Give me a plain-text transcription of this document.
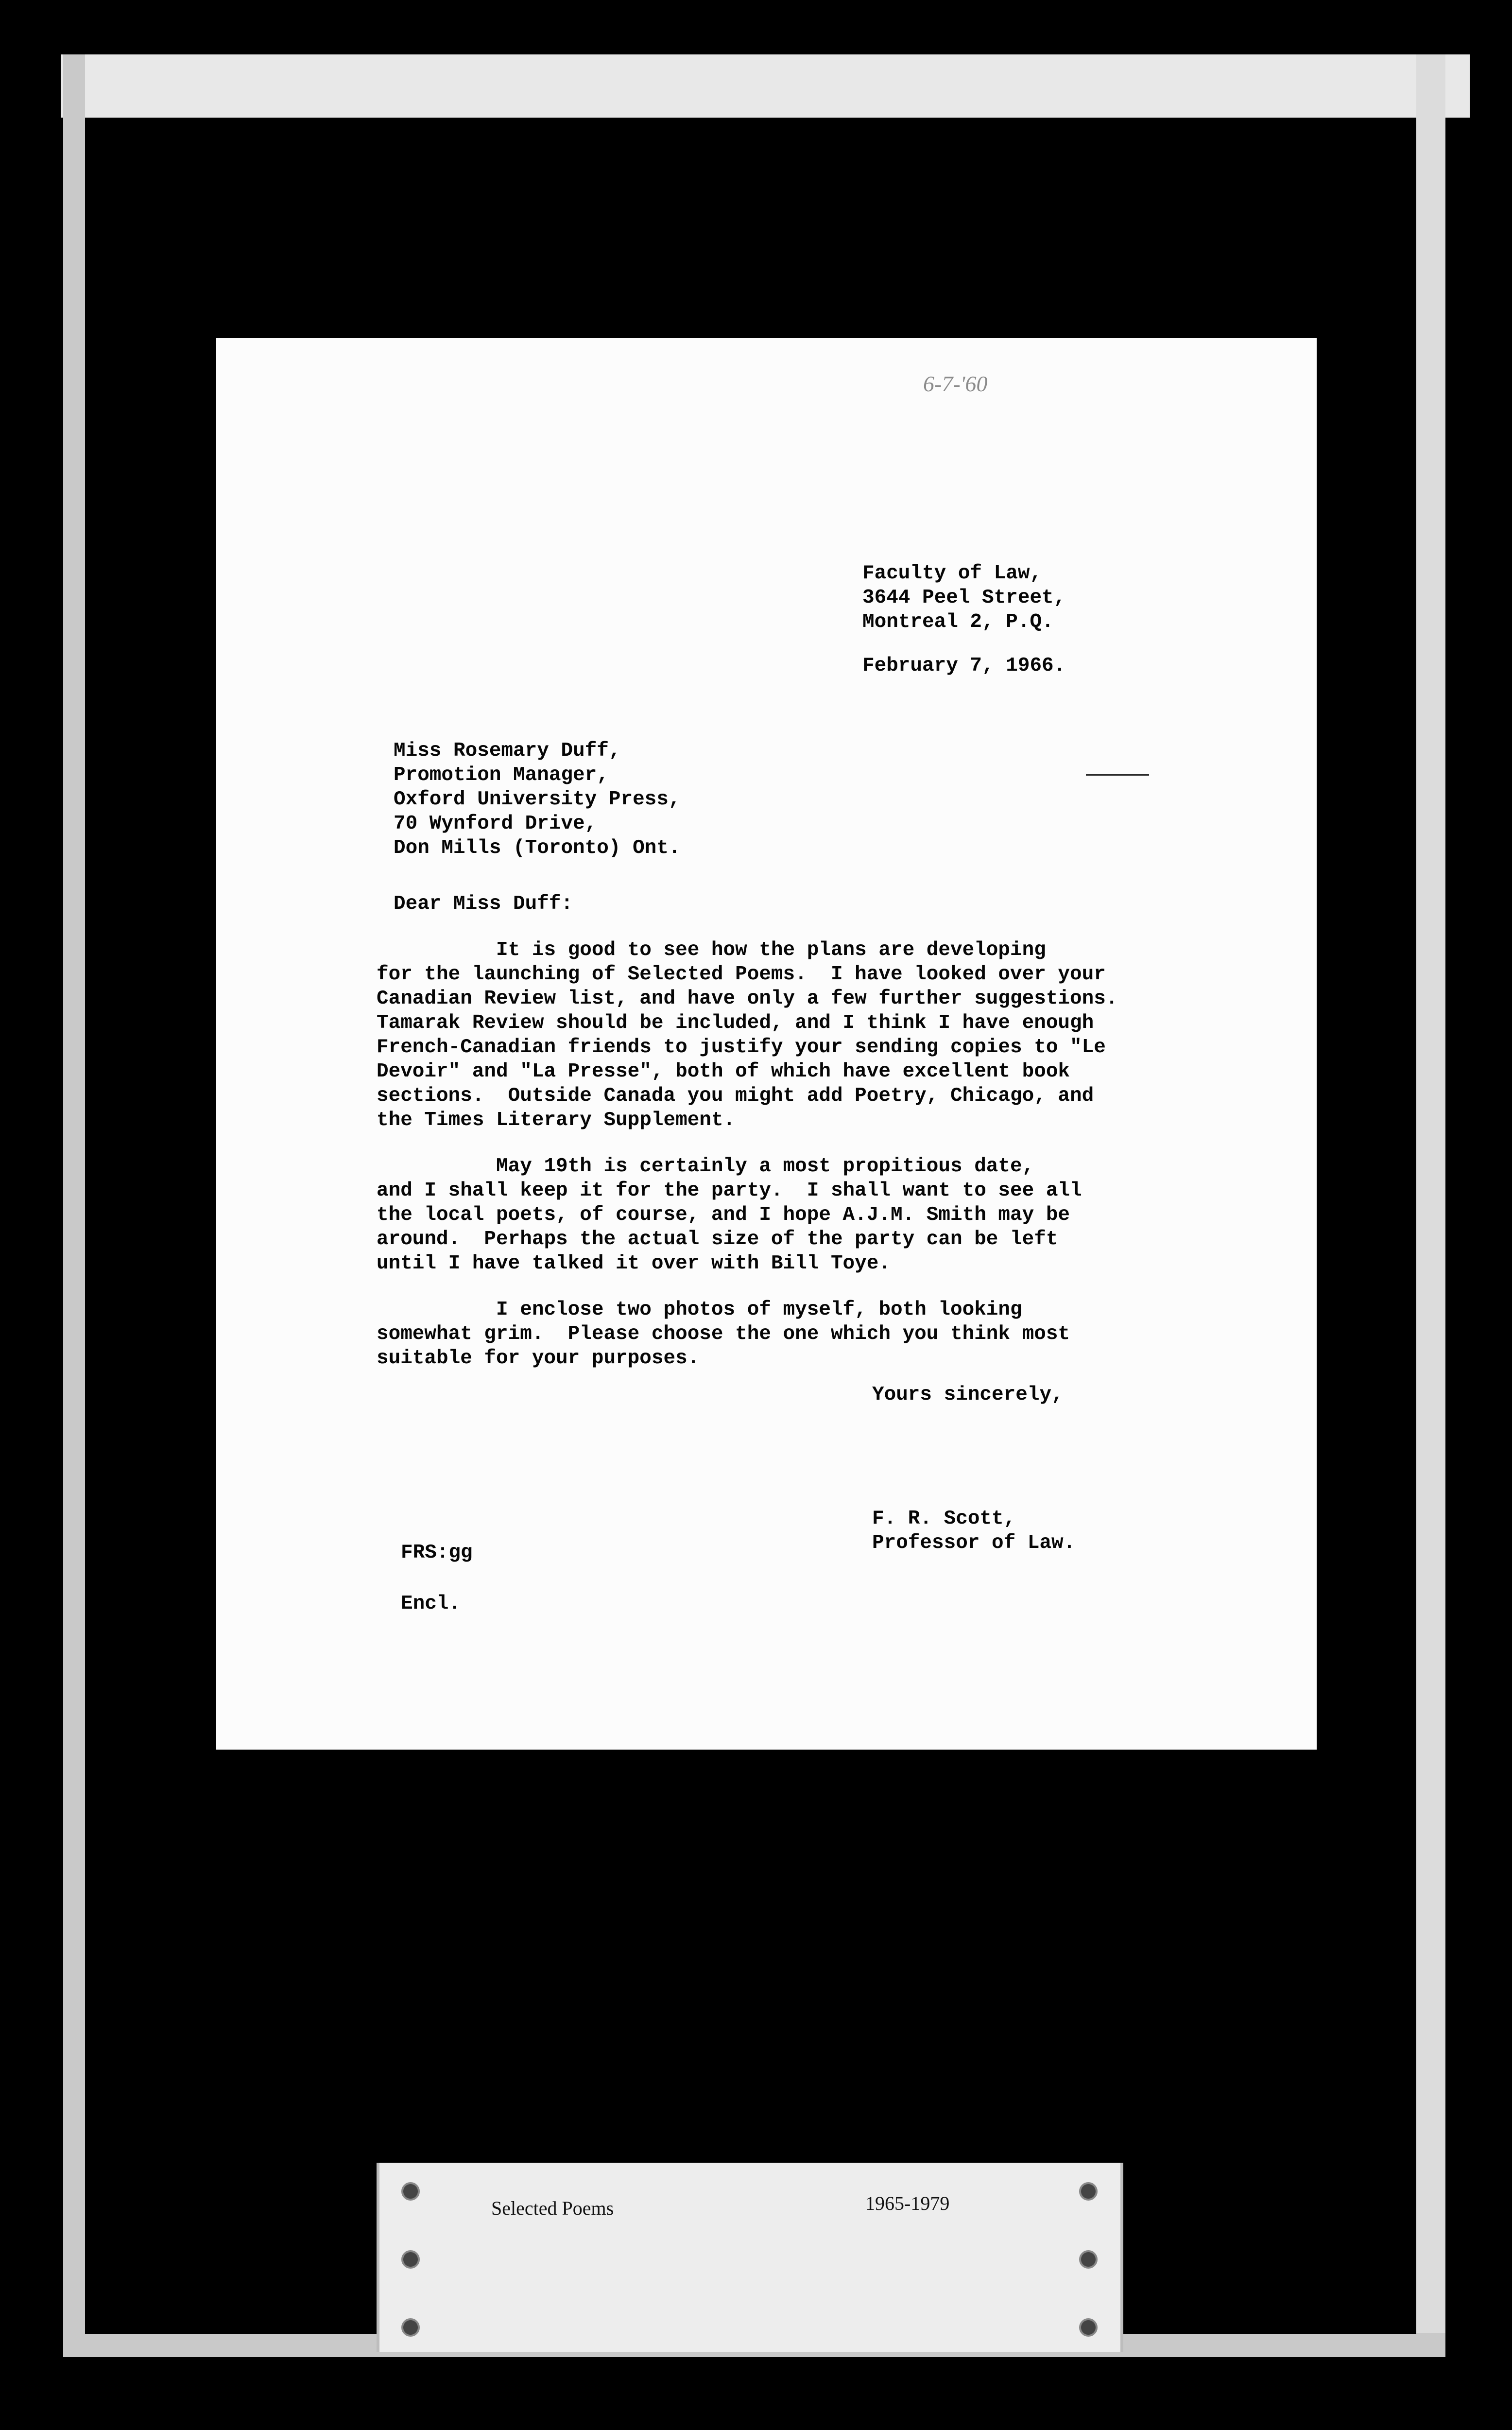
6-7-'60
Faculty of Law,
3644 Peel Street,
Montreal 2, P.Q.
February 7, 1966.
Miss Rosemary Duff,
Promotion Manager,
Oxford University Press,
70 Wynford Drive,
Don Mills (Toronto) Ont.
Dear Miss Duff:
It is good to see how the plans are developing
for the launching of Selected Poems.  I have looked over your
Canadian Review list, and have only a few further suggestions.
Tamarak Review should be included, and I think I have enough
French-Canadian friends to justify your sending copies to "Le
Devoir" and "La Presse", both of which have excellent book
sections.  Outside Canada you might add Poetry, Chicago, and
the Times Literary Supplement.
May 19th is certainly a most propitious date,
and I shall keep it for the party.  I shall want to see all
the local poets, of course, and I hope A.J.M. Smith may be
around.  Perhaps the actual size of the party can be left
until I have talked it over with Bill Toye.
I enclose two photos of myself, both looking
somewhat grim.  Please choose the one which you think most
suitable for your purposes.
Yours sincerely,
F. R. Scott,
Professor of Law.
FRS:gg
Encl.
Selected Poems	1965-1979
